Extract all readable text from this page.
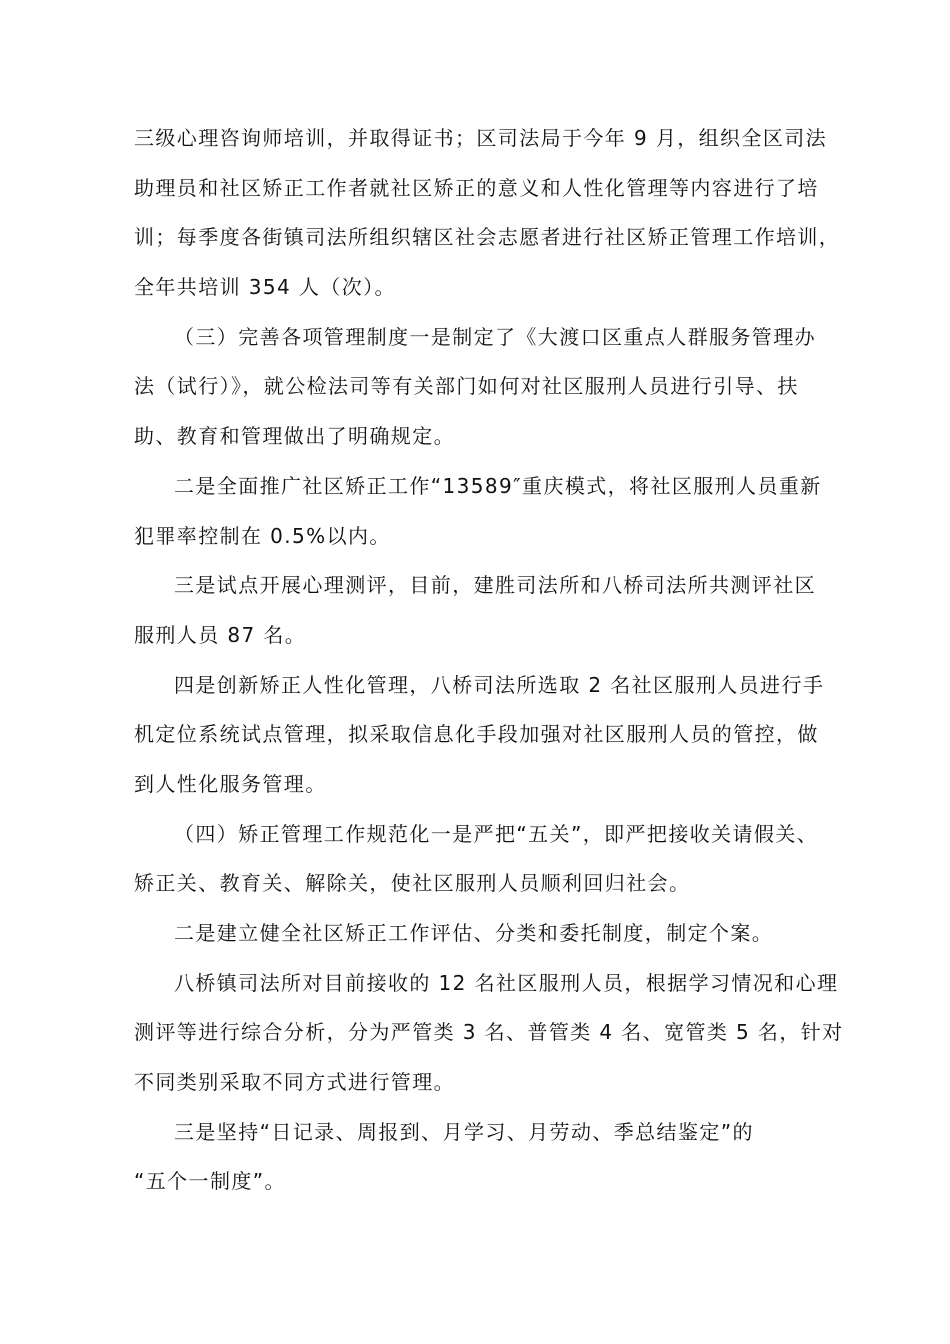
三级心理咨询师培训，并取得证书；区司法局于今年 9 月，组织全区司法
助理员和社区矫正工作者就社区矫正的意义和人性化管理等内容进行了培
训；每季度各街镇司法所组织辖区社会志愿者进行社区矫正管理工作培训，
全年共培训 354 人（次）。
（三）完善各项管理制度一是制定了《大渡口区重点人群服务管理办
法（试行）》，就公检法司等有关部门如何对社区服刑人员进行引导、扶
助、教育和管理做出了明确规定。
二是全面推广社区矫正工作“13589″重庆模式，将社区服刑人员重新
犯罪率控制在 0.5%以内。
三是试点开展心理测评，目前，建胜司法所和八桥司法所共测评社区
服刑人员 87 名。
四是创新矫正人性化管理，八桥司法所选取 2 名社区服刑人员进行手
机定位系统试点管理，拟采取信息化手段加强对社区服刑人员的管控，做
到人性化服务管理。
（四）矫正管理工作规范化一是严把“五关”，即严把接收关请假关、
矫正关、教育关、解除关，使社区服刑人员顺利回归社会。
二是建立健全社区矫正工作评估、分类和委托制度，制定个案。
八桥镇司法所对目前接收的 12 名社区服刑人员，根据学习情况和心理
测评等进行综合分析，分为严管类 3 名、普管类 4 名、宽管类 5 名，针对
不同类别采取不同方式进行管理。
三是坚持“日记录、周报到、月学习、月劳动、季总结鉴定”的
“五个一制度”。
